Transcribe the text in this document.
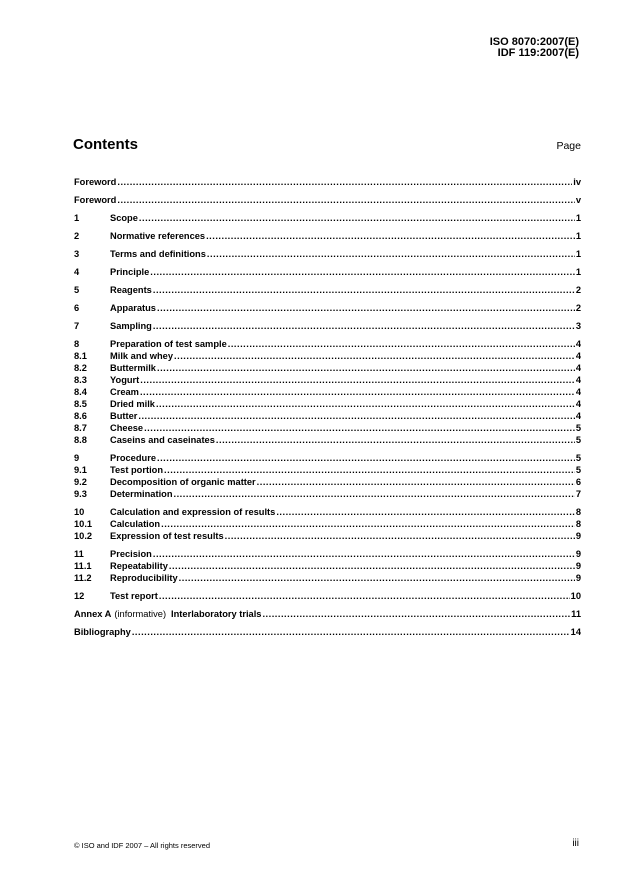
ISO 8070:2007(E)
IDF 119:2007(E)
Contents	Page
Foreword .....	iv
Foreword .....	v
1	Scope .....	1
2	Normative references .....	1
3	Terms and definitions .....	1
4	Principle .....	1
5	Reagents .....	2
6	Apparatus .....	2
7	Sampling .....	3
8	Preparation of test sample .....	4
8.1	Milk and whey .....	4
8.2	Buttermilk .....	4
8.3	Yogurt .....	4
8.4	Cream .....	4
8.5	Dried milk .....	4
8.6	Butter .....	4
8.7	Cheese .....	5
8.8	Caseins and caseinates .....	5
9	Procedure .....	5
9.1	Test portion .....	5
9.2	Decomposition of organic matter .....	6
9.3	Determination .....	7
10	Calculation and expression of results .....	8
10.1	Calculation .....	8
10.2	Expression of test results .....	9
11	Precision .....	9
11.1	Repeatability .....	9
11.2	Reproducibility .....	9
12	Test report .....	10
Annex A (informative) Interlaboratory trials .....	11
Bibliography .....	14
© ISO and IDF 2007 – All rights reserved	iii
